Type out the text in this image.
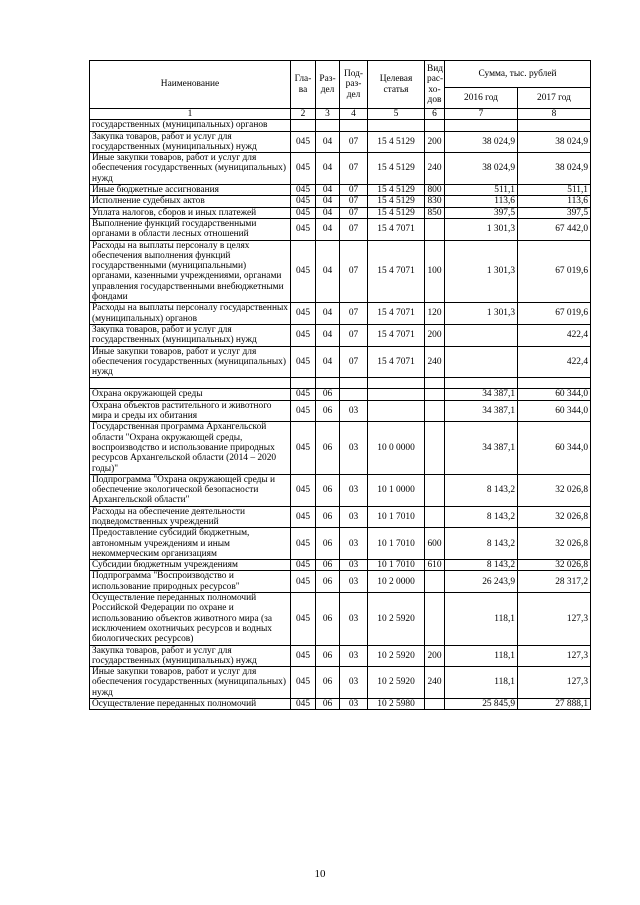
Наименование	Гла-ва	Раз-дел	Под-раз-дел	Целевая статья	Вид рас-хо-дов	Сумма, тыс. рублей	
						2016 год	2017 год
1	2	3	4	5	6	7	8
государственных (муниципальных) органов							
Закупка товаров, работ и услуг для государственных (муниципальных) нужд	045	04	07	15 4 5129	200	38 024,9	38 024,9
Иные закупки товаров, работ и услуг для обеспечения государственных (муниципальных) нужд	045	04	07	15 4 5129	240	38 024,9	38 024,9
Иные бюджетные ассигнования	045	04	07	15 4 5129	800	511,1	511,1
Исполнение судебных актов	045	04	07	15 4 5129	830	113,6	113,6
Уплата налогов, сборов и иных платежей	045	04	07	15 4 5129	850	397,5	397,5
Выполнение функций государственными органами в области лесных отношений	045	04	07	15 4 7071		1 301,3	67 442,0
Расходы на выплаты персоналу в целях обеспечения выполнения функций государственными (муниципальными) органами, казенными учреждениями, органами управления государственными внебюджетными фондами	045	04	07	15 4 7071	100	1 301,3	67 019,6
Расходы на выплаты персоналу государственных (муниципальных) органов	045	04	07	15 4 7071	120	1 301,3	67 019,6
Закупка товаров, работ и услуг для государственных (муниципальных) нужд	045	04	07	15 4 7071	200		422,4
Иные закупки товаров, работ и услуг для обеспечения государственных (муниципальных) нужд	045	04	07	15 4 7071	240		422,4

Охрана окружающей среды	045	06				34 387,1	60 344,0
Охрана объектов растительного и животного мира и среды их обитания	045	06	03			34 387,1	60 344,0
Государственная программа Архангельской области "Охрана окружающей среды, воспроизводство и использование природных ресурсов Архангельской области (2014 – 2020 годы)"	045	06	03	10 0 0000		34 387,1	60 344,0
Подпрограмма "Охрана окружающей среды и обеспечение экологической безопасности Архангельской области"	045	06	03	10 1 0000		8 143,2	32 026,8
Расходы на обеспечение деятельности подведомственных учреждений	045	06	03	10 1 7010		8 143,2	32 026,8
Предоставление субсидий бюджетным, автономным учреждениям и иным некоммерческим организациям	045	06	03	10 1 7010	600	8 143,2	32 026,8
Субсидии бюджетным учреждениям	045	06	03	10 1 7010	610	8 143,2	32 026,8
Подпрограмма "Воспроизводство и использование природных ресурсов"	045	06	03	10 2 0000		26 243,9	28 317,2
Осуществление переданных полномочий Российской Федерации по охране и использованию объектов животного мира (за исключением охотничьих ресурсов и водных биологических ресурсов)	045	06	03	10 2 5920		118,1	127,3
Закупка товаров, работ и услуг для государственных (муниципальных) нужд	045	06	03	10 2 5920	200	118,1	127,3
Иные закупки товаров, работ и услуг для обеспечения государственных (муниципальных) нужд	045	06	03	10 2 5920	240	118,1	127,3
Осуществление переданных полномочий	045	06	03	10 2 5980		25 845,9	27 888,1
10
